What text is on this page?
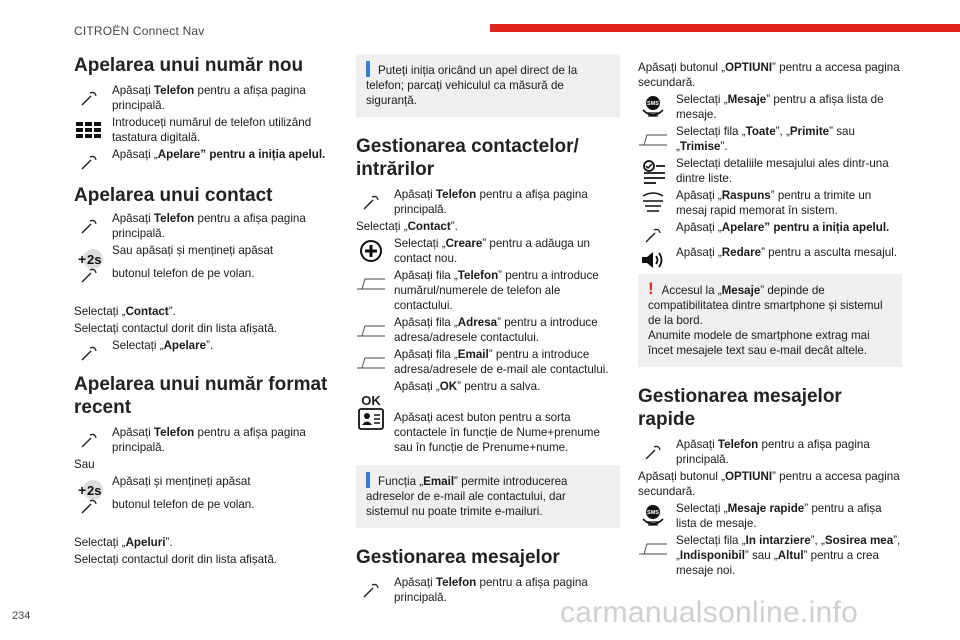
CITROËN Connect Nav
Apelarea unui număr nou
Apăsați Telefon pentru a afișa pagina principală.
Introduceți numărul de telefon utilizând tastatura digitală.
Apăsați „Apelare” pentru a iniția apelul.
Apelarea unui contact
Apăsați Telefon pentru a afișa pagina principală.
+ 2s
Sau apăsați și mențineți apăsat
butonul telefon de pe volan.
Selectați „Contact”.
Selectați contactul dorit din lista afișată.
Selectați „Apelare”.
Apelarea unui număr format recent
Apăsați Telefon pentru a afișa pagina principală.
Sau
+ 2s
Apăsați și mențineți apăsat
butonul telefon de pe volan.
Selectați „Apeluri”.
Selectați contactul dorit din lista afișată.
Puteți iniția oricând un apel direct de la telefon; parcați vehiculul ca măsură de siguranță.
Gestionarea contactelor/ intrărilor
Apăsați Telefon pentru a afișa pagina principală.
Selectați „Contact”.
Selectați „Creare” pentru a adăuga un contact nou.
Apăsați fila „Telefon” pentru a introduce numărul/numerele de telefon ale contactului.
Apăsați fila „Adresa” pentru a introduce adresa/adresele contactului.
Apăsați fila „Email” pentru a introduce adresa/adresele de e-mail ale contactului.
OK
Apăsați „OK” pentru a salva.
Apăsați acest buton pentru a sorta contactele în funcție de Nume+prenume sau în funcție de Prenume+nume.
Funcția „Email” permite introducerea adreselor de e-mail ale contactului, dar sistemul nu poate trimite e-mailuri.
Gestionarea mesajelor
Apăsați Telefon pentru a afișa pagina principală.
Apăsați butonul „OPTIUNI” pentru a accesa pagina secundară.
SMS Selectați „Mesaje” pentru a afișa lista de mesaje.
Selectați fila „Toate”, „Primite” sau „Trimise”.
Selectați detaliile mesajului ales dintr-una dintre liste.
Apăsați „Raspuns” pentru a trimite un mesaj rapid memorat în sistem.
Apăsați „Apelare” pentru a iniția apelul.
Apăsați „Redare” pentru a asculta mesajul.
! Accesul la „Mesaje” depinde de compatibilitatea dintre smartphone și sistemul de la bord.
Anumite modele de smartphone extrag mai încet mesajele text sau e-mail decât altele.
Gestionarea mesajelor rapide
Apăsați Telefon pentru a afișa pagina principală.
Apăsați butonul „OPTIUNI” pentru a accesa pagina secundară.
SMS Selectați „Mesaje rapide” pentru a afișa lista de mesaje.
Selectați fila „In intarziere”, „Sosirea mea”, „Indisponibil” sau „Altul” pentru a crea mesaje noi.
234	carmanualsonline.info
